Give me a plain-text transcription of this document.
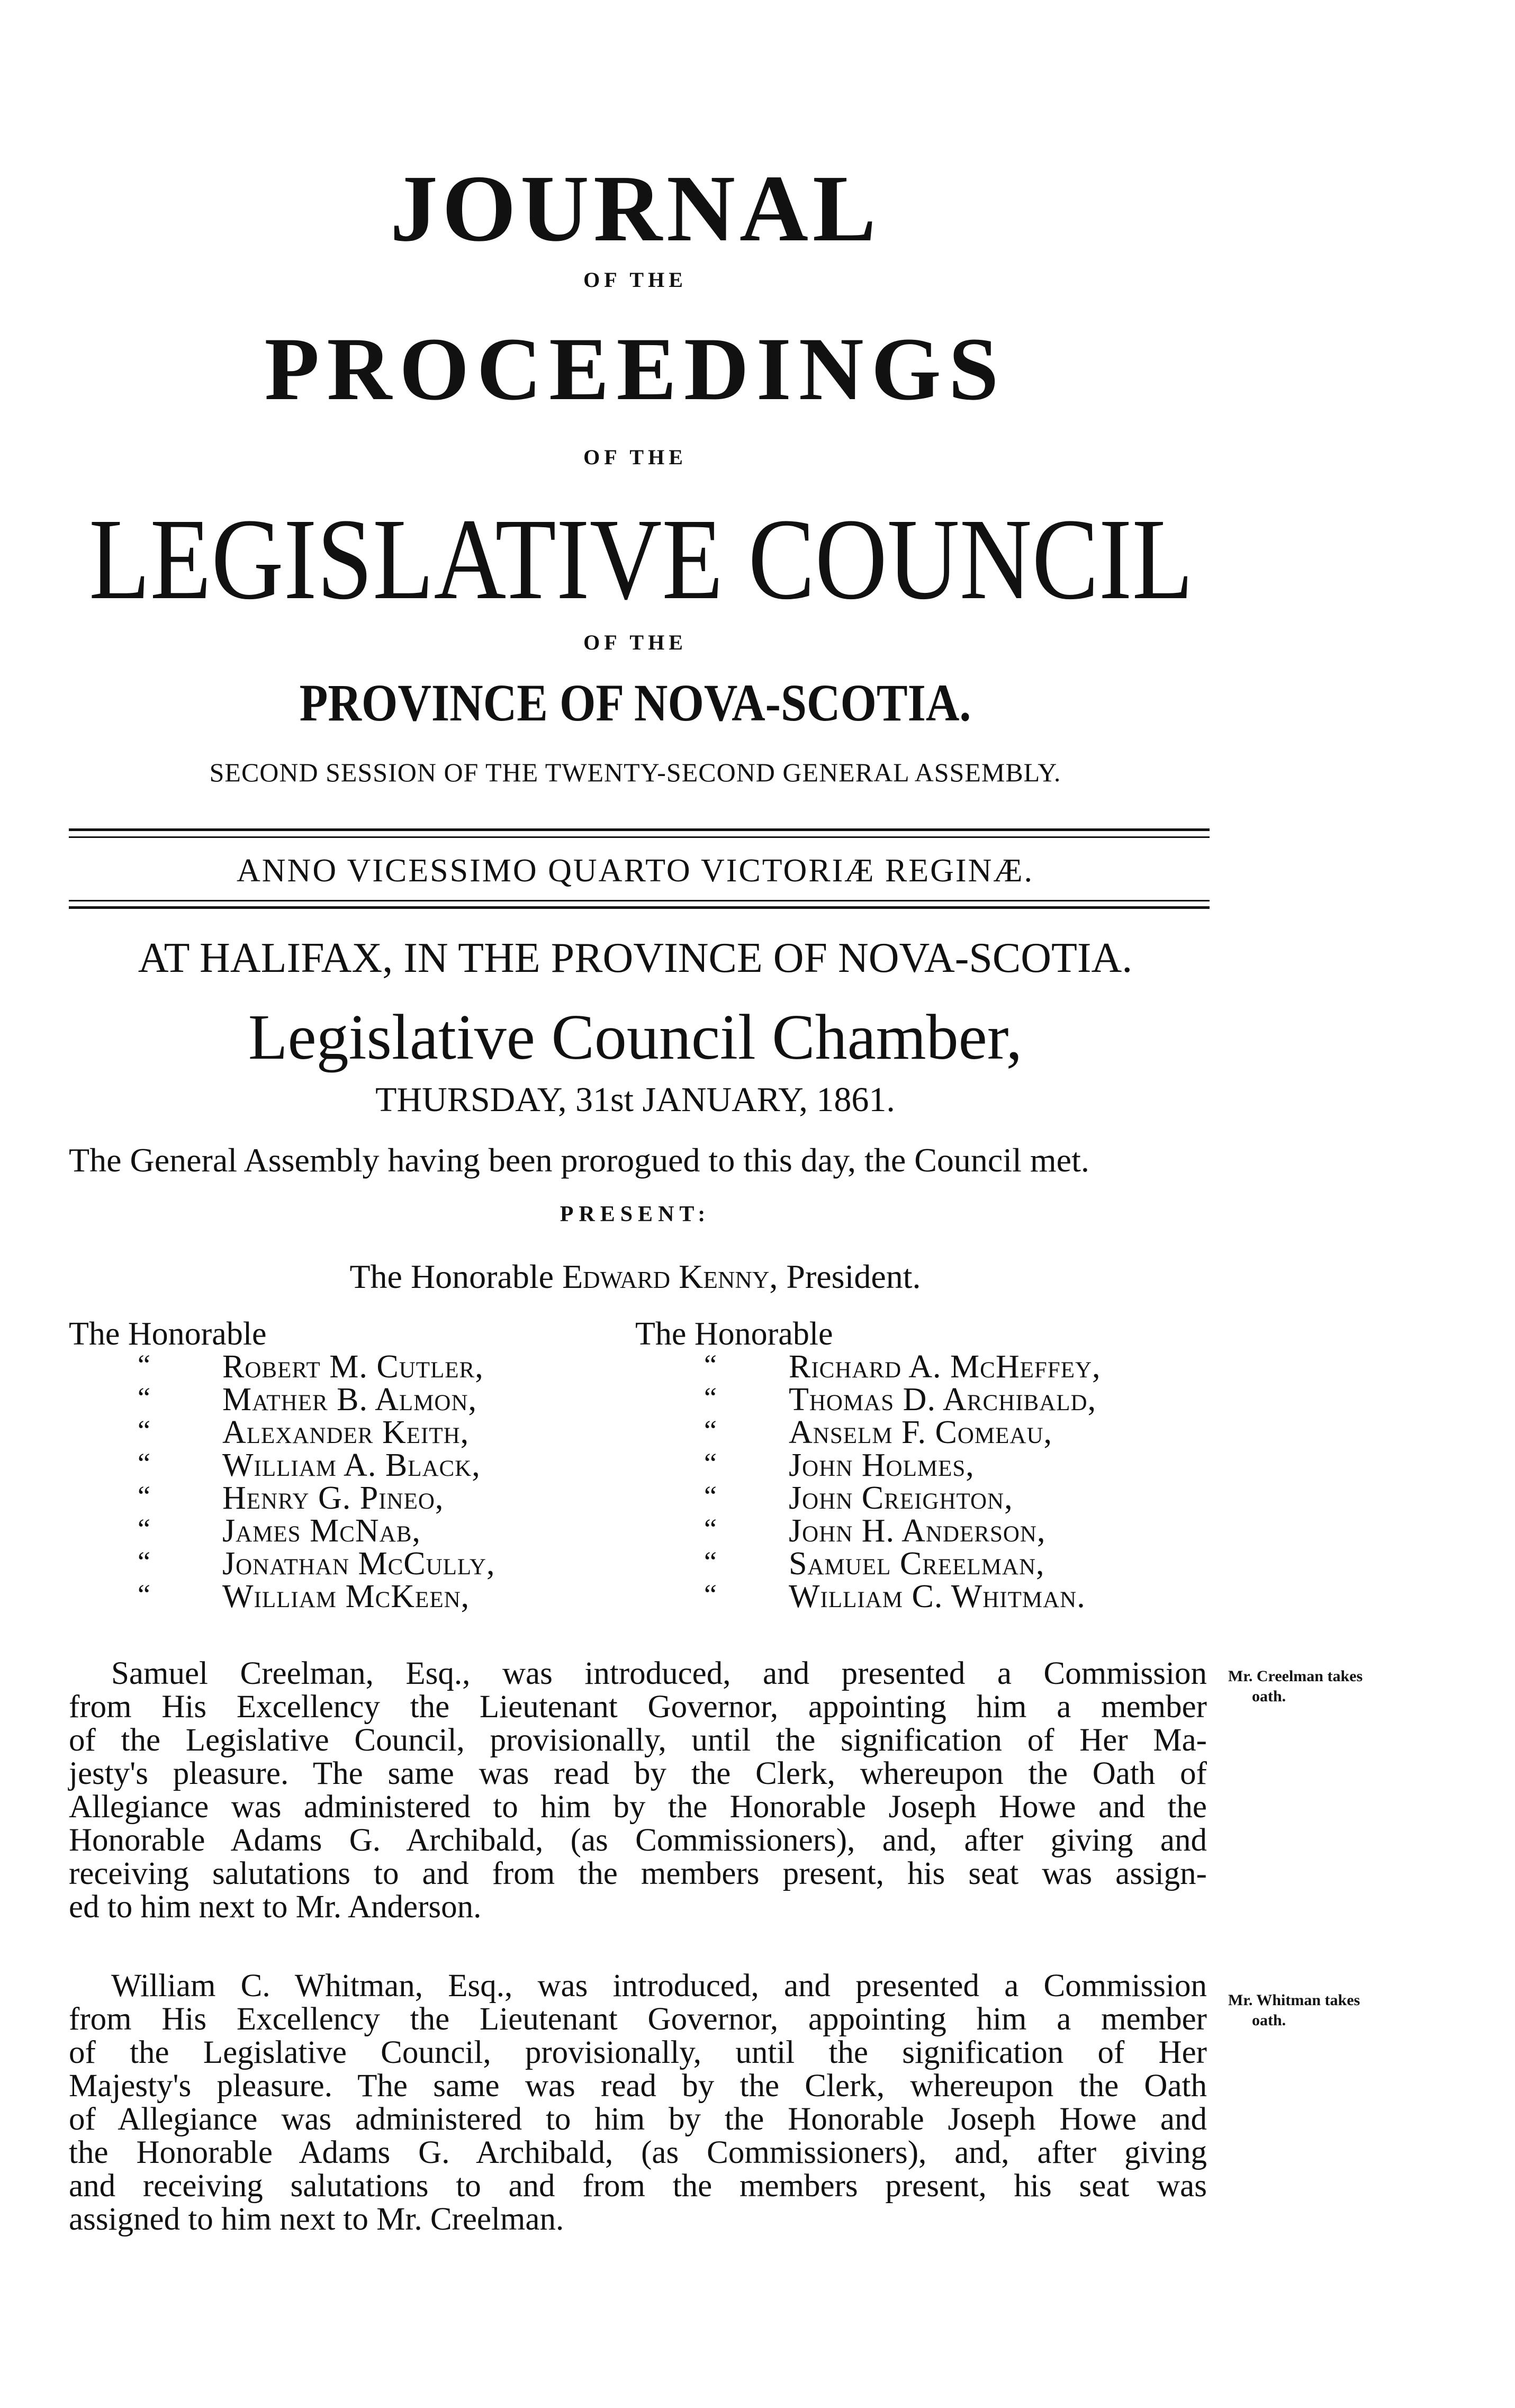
JOURNAL
OF THE
PROCEEDINGS
OF THE
LEGISLATIVE COUNCIL
OF THE
PROVINCE OF NOVA-SCOTIA.
SECOND SESSION OF THE TWENTY-SECOND GENERAL ASSEMBLY.
ANNO VICESSIMO QUARTO VICTORIÆ REGINÆ.
AT HALIFAX, IN THE PROVINCE OF NOVA-SCOTIA.
Legislative Council Chamber,
THURSDAY, 31st JANUARY, 1861.
The General Assembly having been prorogued to this day, the Council met.
PRESENT:
The Honorable Edward Kenny, President.
The Honorable
“ Robert M. Cutler,
“ Mather B. Almon,
“ Alexander Keith,
“ William A. Black,
“ Henry G. Pineo,
“ James McNab,
“ Jonathan McCully,
“ William McKeen,
The Honorable
“ Richard A. McHeffey,
“ Thomas D. Archibald,
“ Anselm F. Comeau,
“ John Holmes,
“ John Creighton,
“ John H. Anderson,
“ Samuel Creelman,
“ William C. Whitman.
Samuel Creelman, Esq., was introduced, and presented a Commission
from His Excellency the Lieutenant Governor, appointing him a member
of the Legislative Council, provisionally, until the signification of Her Ma-
jesty's pleasure. The same was read by the Clerk, whereupon the Oath of
Allegiance was administered to him by the Honorable Joseph Howe and the
Honorable Adams G. Archibald, (as Commissioners), and, after giving and
receiving salutations to and from the members present, his seat was assign-
ed to him next to Mr. Anderson.
Mr. Creelman takes
oath.
William C. Whitman, Esq., was introduced, and presented a Commission
from His Excellency the Lieutenant Governor, appointing him a member
of the Legislative Council, provisionally, until the signification of Her
Majesty's pleasure. The same was read by the Clerk, whereupon the Oath
of Allegiance was administered to him by the Honorable Joseph Howe and
the Honorable Adams G. Archibald, (as Commissioners), and, after giving
and receiving salutations to and from the members present, his seat was
assigned to him next to Mr. Creelman.
Mr. Whitman takes
oath.
